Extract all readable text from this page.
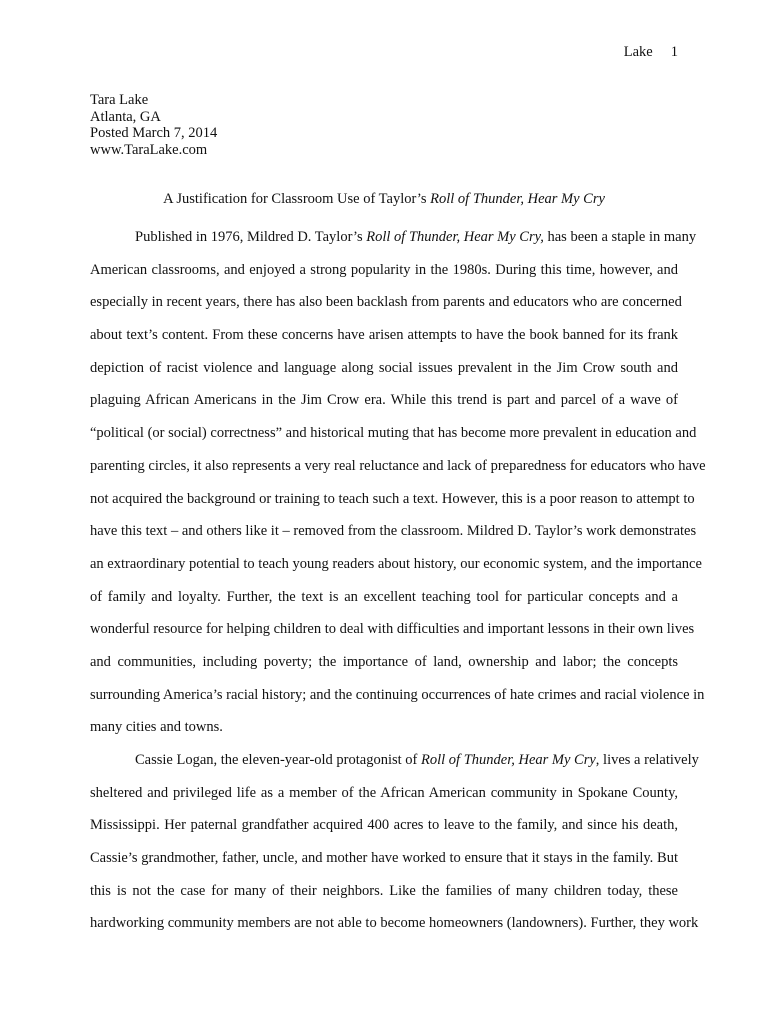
Lake 1
Tara Lake
Atlanta, GA
Posted March 7, 2014
www.TaraLake.com
A Justification for Classroom Use of Taylor’s Roll of Thunder, Hear My Cry
Published in 1976, Mildred D. Taylor’s Roll of Thunder, Hear My Cry, has been a staple in many
American classrooms, and enjoyed a strong popularity in the 1980s. During this time, however, and
especially in recent years, there has also been backlash from parents and educators who are concerned
about text’s content. From these concerns have arisen attempts to have the book banned for its frank
depiction of racist violence and language along social issues prevalent in the Jim Crow south and
plaguing African Americans in the Jim Crow era. While this trend is part and parcel of a wave of
“political (or social) correctness” and historical muting that has become more prevalent in education and
parenting circles, it also represents a very real reluctance and lack of preparedness for educators who have
not acquired the background or training to teach such a text. However, this is a poor reason to attempt to
have this text – and others like it – removed from the classroom. Mildred D. Taylor’s work demonstrates
an extraordinary potential to teach young readers about history, our economic system, and the importance
of family and loyalty. Further, the text is an excellent teaching tool for particular concepts and a
wonderful resource for helping children to deal with difficulties and important lessons in their own lives
and communities, including poverty; the importance of land, ownership and labor; the concepts
surrounding America’s racial history; and the continuing occurrences of hate crimes and racial violence in
many cities and towns.
Cassie Logan, the eleven-year-old protagonist of Roll of Thunder, Hear My Cry, lives a relatively
sheltered and privileged life as a member of the African American community in Spokane County,
Mississippi. Her paternal grandfather acquired 400 acres to leave to the family, and since his death,
Cassie’s grandmother, father, uncle, and mother have worked to ensure that it stays in the family. But
this is not the case for many of their neighbors. Like the families of many children today, these
hardworking community members are not able to become homeowners (landowners). Further, they work
